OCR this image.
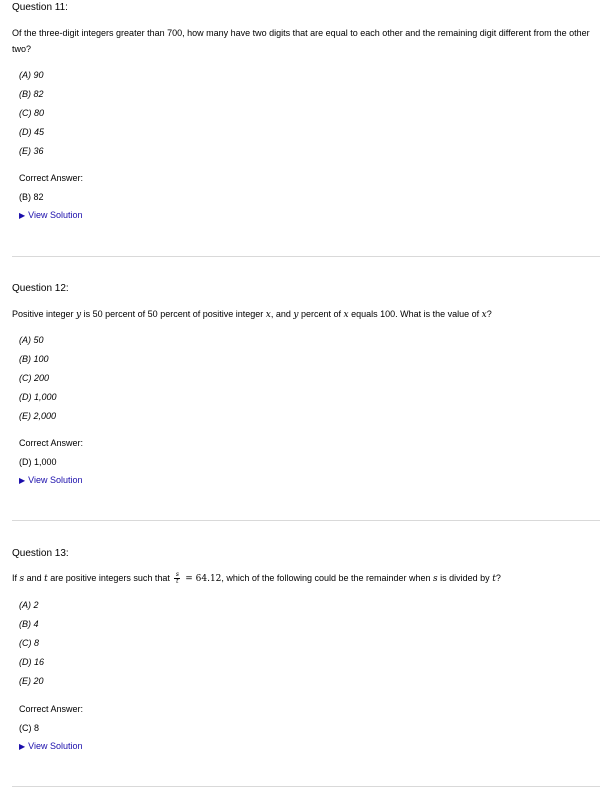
Question 11:
Of the three-digit integers greater than 700, how many have two digits that are equal to each other and the remaining digit different from the other two?
(A) 90
(B) 82
(C) 80
(D) 45
(E) 36
Correct Answer:
(B) 82
▶ View Solution
Question 12:
Positive integer y is 50 percent of 50 percent of positive integer x, and y percent of x equals 100. What is the value of x?
(A) 50
(B) 100
(C) 200
(D) 1,000
(E) 2,000
Correct Answer:
(D) 1,000
▶ View Solution
Question 13:
If s and t are positive integers such that $\frac{s}{t} = 64.12$, which of the following could be the remainder when s is divided by t?
(A) 2
(B) 4
(C) 8
(D) 16
(E) 20
Correct Answer:
(C) 8
▶ View Solution
